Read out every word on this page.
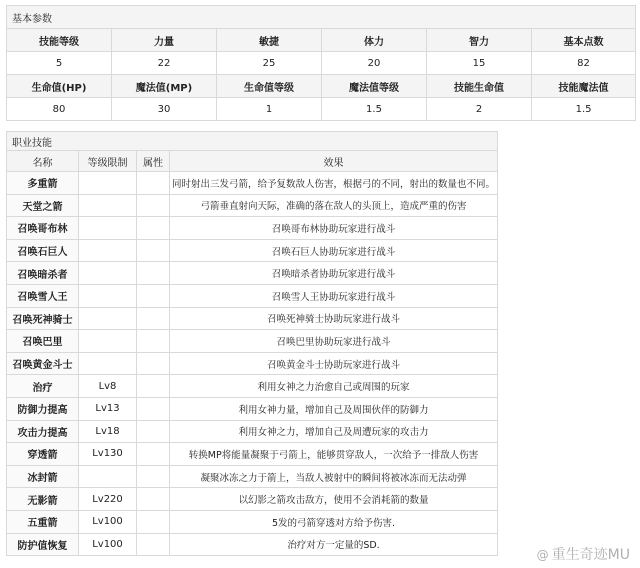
基本参数					
技能等级	力量	敏捷	体力	智力	基本点数
5	22	25	20	15	82
生命值(HP)	魔法值(MP)	生命值等级	魔法值等级	技能生命值	技能魔法值
80	30	1	1.5	2	1.5
职业技能			
名称	等级限制	属性	效果
多重箭			同时射出三发弓箭，给予复数敌人伤害，根据弓的不同，射出的数量也不同。
天堂之箭			弓箭垂直射向天际，准确的落在敌人的头顶上，造成严重的伤害
召唤哥布林			召唤哥布林协助玩家进行战斗
召唤石巨人			召唤石巨人协助玩家进行战斗
召唤暗杀者			召唤暗杀者协助玩家进行战斗
召唤雪人王			召唤雪人王协助玩家进行战斗
召唤死神骑士			召唤死神骑士协助玩家进行战斗
召唤巴里			召唤巴里协助玩家进行战斗
召唤黄金斗士			召唤黄金斗士协助玩家进行战斗
治疗	Lv8		利用女神之力治愈自己或周围的玩家
防御力提高	Lv13		利用女神力量，增加自己及周围伙伴的防御力
攻击力提高	Lv18		利用女神之力，增加自己及周遭玩家的攻击力
穿透箭	Lv130		转换MP将能量凝聚于弓箭上，能够贯穿敌人，一次给予一排敌人伤害
冰封箭			凝聚冰冻之力于箭上，当敌人被射中的瞬间将被冰冻而无法动弹
无影箭	Lv220		以幻影之箭攻击敌方，使用不会消耗箭的数量
五重箭	Lv100		5发的弓箭穿透对方给予伤害.
防护值恢复	Lv100		治疗对方一定量的SD.
@ 重生奇迹MU
